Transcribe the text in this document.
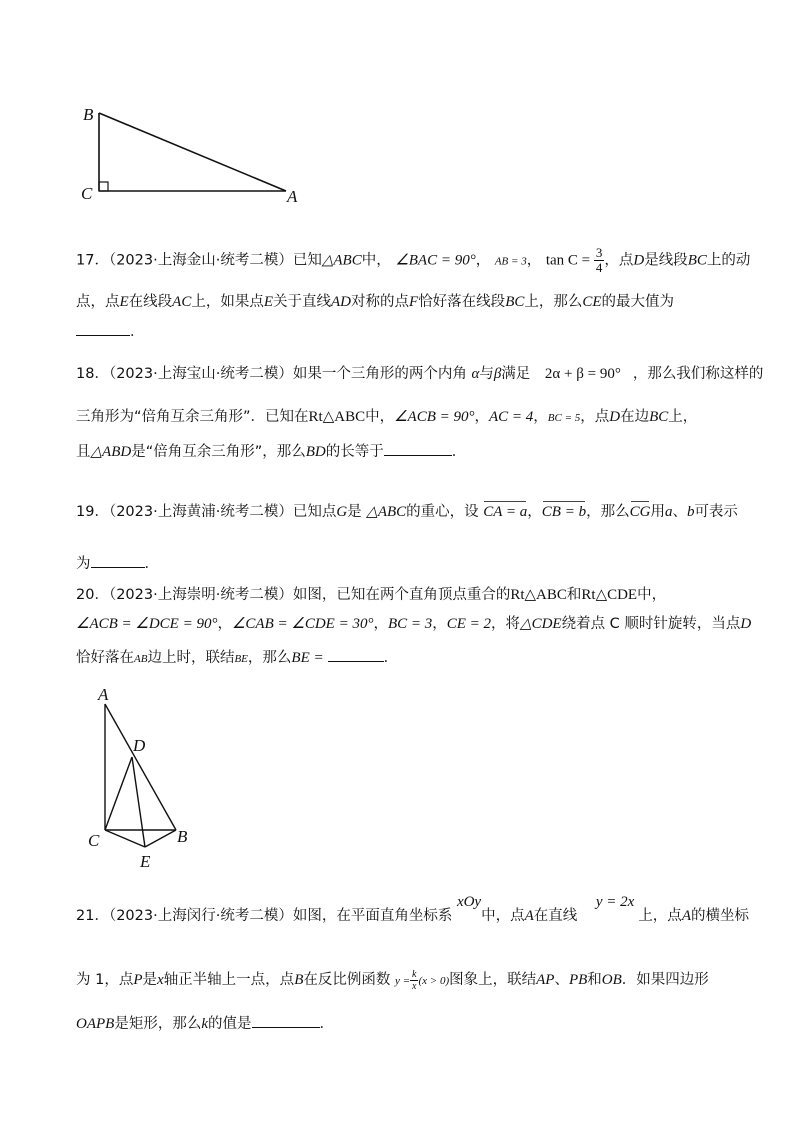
B
C	A
17．（2023·上海金山·统考二模）已知△ABC中， ∠BAC = 90°， AB = 3， $\tan C = \frac{3}{4}$ ，点D是线段BC上的动
点，点E在线段AC上，如果点E关于直线AD对称的点F恰好落在线段BC上，那么CE的最大值为
．
18．（2023·上海宝山·统考二模）如果一个三角形的两个内角 α与β满足 2α + β = 90° ，那么我们称这样的
三角形为“倍角互余三角形”．已知在Rt△ABC中，∠ACB = 90°，AC = 4，BC = 5，点D在边BC上，
且△ABD是“倍角互余三角形”，那么BD的长等于	．
19．（2023·上海黄浦·统考二模）已知点G是 △ABC的重心，设 CA = a，CB = b，那么CG用a、b可表示
为	．
20．（2023·上海崇明·统考二模）如图，已知在两个直角顶点重合的Rt△ABC和Rt△CDE中，
∠ACB = ∠DCE = 90°，∠CAB = ∠CDE = 30°，BC = 3，CE = 2，将△CDE绕着点 C 顺时针旋转，当点D
恰好落在AB边上时，联结BE，那么BE =	．
A
D
C	B
E
21．（2023·上海闵行·统考二模）如图，在平面直角坐标系 xOy中，点A在直线 y = 2x上，点A的横坐标
为 1，点P是x轴正半轴上一点，点B在反比例函数 $y = \frac{k}{x} (x > 0)$图象上，联结AP、PB和OB．如果四边形
OAPB是矩形，那么k的值是	．
